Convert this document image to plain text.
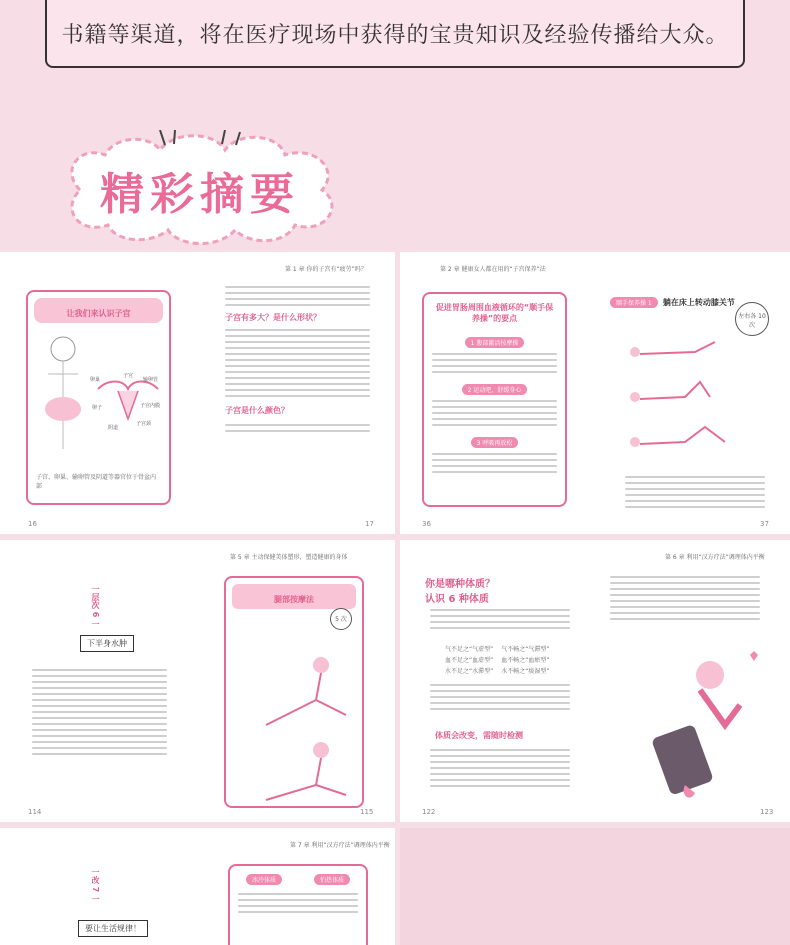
书籍等渠道，将在医疗现场中获得的宝贵知识及经验传播给大众。
精彩摘要
让我们来认识子宫
卵巢
子宫
输卵管
卵子	子宫内膜
阴道
子宫颈
子宫、卵巢、输卵管及阴道等器官位于骨盆内部
16
第 1 章 你的子宫有“疲劳”吗？
子宫有多大？是什么形状？
子宫是什么颜色？
17
第 2 章 健康女人都在用的“子宫保养”法
促进胃肠周围血液循环的“顺手保养操”的要点
1 腹部激活按摩操
2 运动吧，舒缓身心
3 呼吸再放松
36
顺手保养操 1 躺在床上转动膝关节
左右各 10 次
37
一层次 6 一
下半身水肿
114
第 5 章 主动保健美体塑形，塑造健康的身体
腿部按摩法
5 次
115
你是哪种体质？
认识 6 种体质
气不足之“气虚型” 气不畅之“气滞型”
血不足之“血虚型” 血不畅之“血瘀型”
水不足之“水滞型” 水不畅之“痰湿型”
体质会改变，需随时检测
122
第 6 章 利用“汉方疗法”调理体内平衡
123
一改 7 一
要让生活规律！
第 7 章 利用“汉方疗法”调理体内平衡
冰冷体质	怕热体质
